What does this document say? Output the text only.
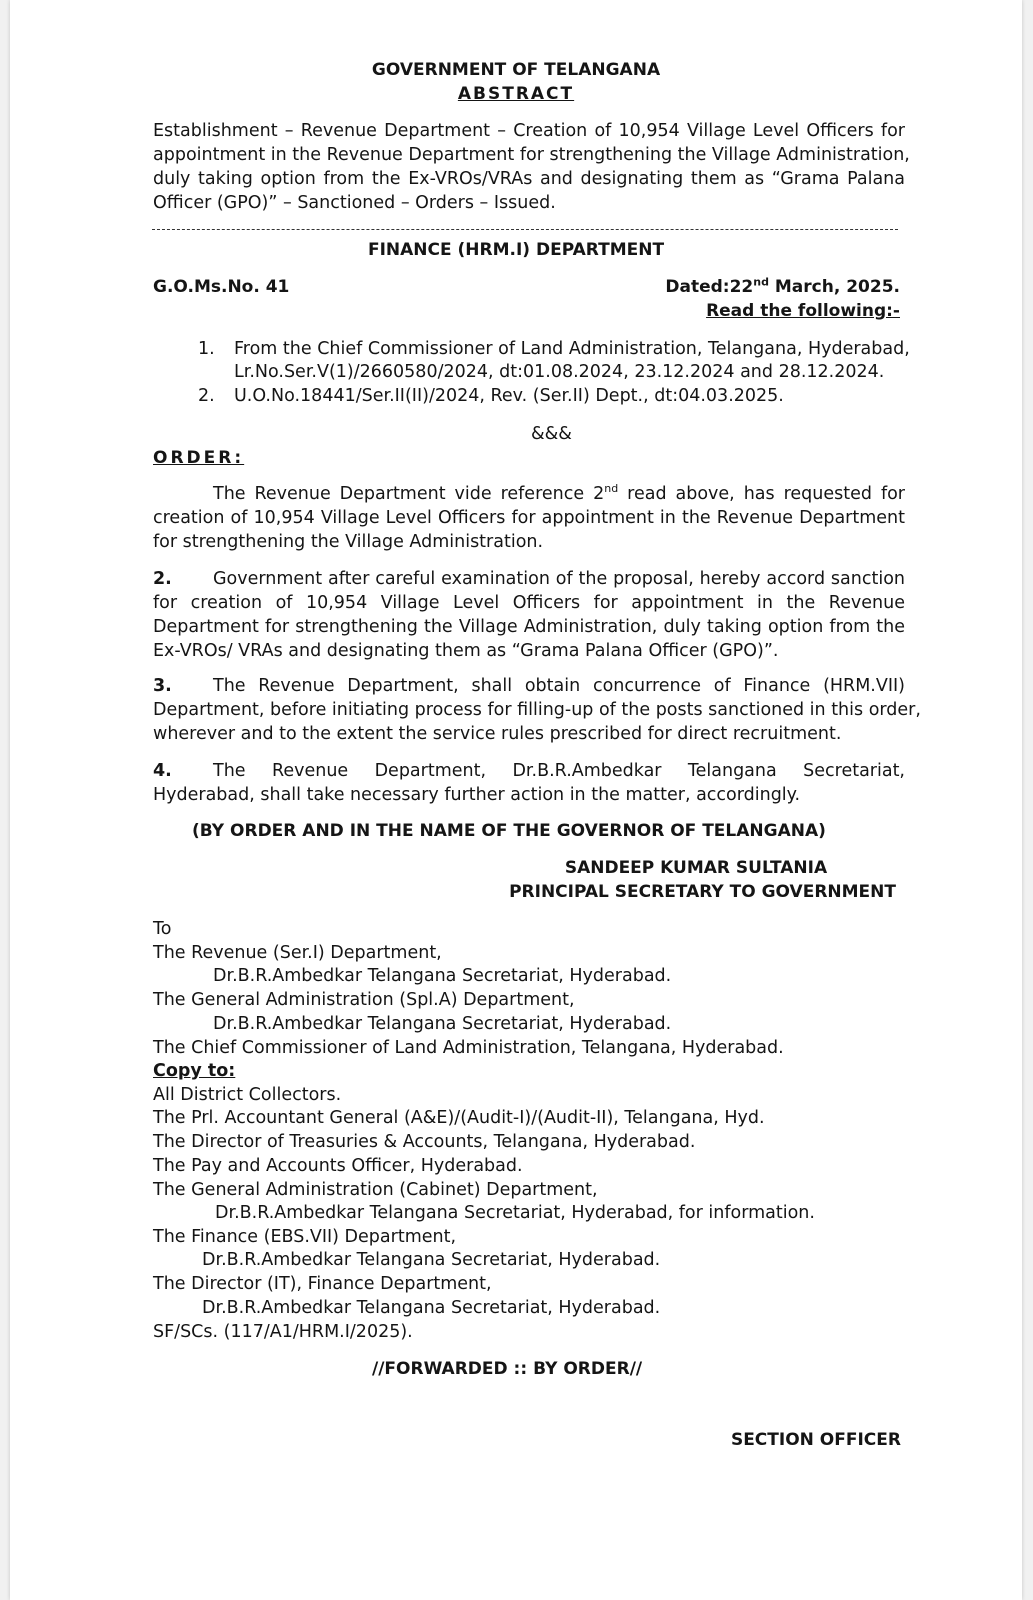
GOVERNMENT OF TELANGANA
ABSTRACT
Establishment – Revenue Department – Creation of 10,954 Village Level Officers for
appointment in the Revenue Department for strengthening the Village Administration,
duly taking option from the Ex-VROs/VRAs and designating them as “Grama Palana
Officer (GPO)” – Sanctioned – Orders – Issued.
FINANCE (HRM.I) DEPARTMENT
G.O.Ms.No. 41	Dated:22nd March, 2025.
Read the following:-
1. From the Chief Commissioner of Land Administration, Telangana, Hyderabad,
Lr.No.Ser.V(1)/2660580/2024, dt:01.08.2024, 23.12.2024 and 28.12.2024.
2. U.O.No.18441/Ser.II(II)/2024, Rev. (Ser.II) Dept., dt:04.03.2025.
&&&
ORDER:
The Revenue Department vide reference 2nd read above, has requested for
creation of 10,954 Village Level Officers for appointment in the Revenue Department
for strengthening the Village Administration.
2.	Government after careful examination of the proposal, hereby accord sanction
for creation of 10,954 Village Level Officers for appointment in the Revenue
Department for strengthening the Village Administration, duly taking option from the
Ex-VROs/ VRAs and designating them as “Grama Palana Officer (GPO)”.
3.	The Revenue Department, shall obtain concurrence of Finance (HRM.VII)
Department, before initiating process for filling-up of the posts sanctioned in this order,
wherever and to the extent the service rules prescribed for direct recruitment.
4.	The Revenue Department, Dr.B.R.Ambedkar Telangana Secretariat,
Hyderabad, shall take necessary further action in the matter, accordingly.
(BY ORDER AND IN THE NAME OF THE GOVERNOR OF TELANGANA)
SANDEEP KUMAR SULTANIA
PRINCIPAL SECRETARY TO GOVERNMENT
To
The Revenue (Ser.I) Department,
Dr.B.R.Ambedkar Telangana Secretariat, Hyderabad.
The General Administration (Spl.A) Department,
Dr.B.R.Ambedkar Telangana Secretariat, Hyderabad.
The Chief Commissioner of Land Administration, Telangana, Hyderabad.
Copy to:
All District Collectors.
The Prl. Accountant General (A&E)/(Audit-I)/(Audit-II), Telangana, Hyd.
The Director of Treasuries & Accounts, Telangana, Hyderabad.
The Pay and Accounts Officer, Hyderabad.
The General Administration (Cabinet) Department,
Dr.B.R.Ambedkar Telangana Secretariat, Hyderabad, for information.
The Finance (EBS.VII) Department,
Dr.B.R.Ambedkar Telangana Secretariat, Hyderabad.
The Director (IT), Finance Department,
Dr.B.R.Ambedkar Telangana Secretariat, Hyderabad.
SF/SCs. (117/A1/HRM.I/2025).
//FORWARDED :: BY ORDER//
SECTION OFFICER
